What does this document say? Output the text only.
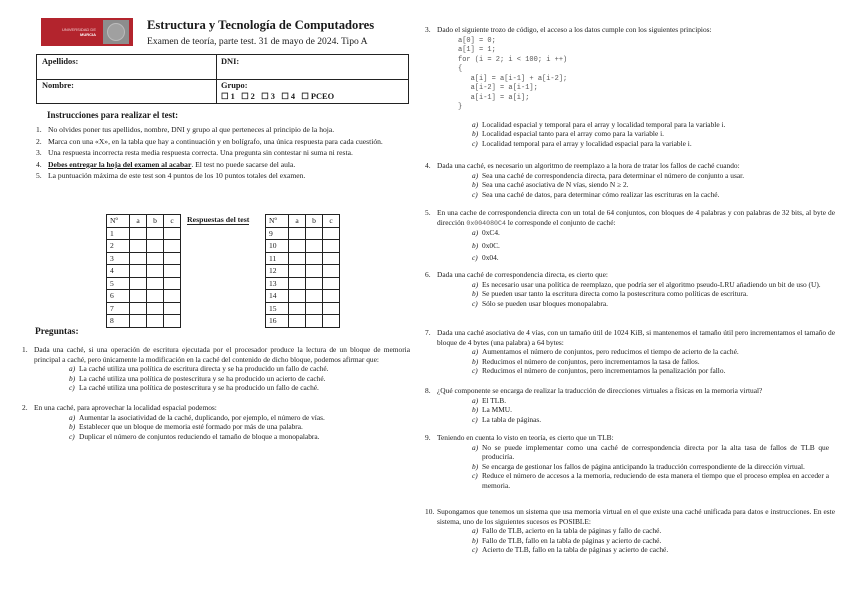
UNIVERSIDAD DE
MURCIA
Estructura y Tecnología de Computadores
Examen de teoría, parte test. 31 de mayo de 2024. Tipo A
Apellidos:	DNI:
Nombre:	Grupo:
☐ 1   ☐ 2   ☐ 3   ☐ 4   ☐ PCEO
Instrucciones para realizar el test:
1. No olvides poner tus apellidos, nombre, DNI y grupo al que perteneces al principio de la hoja.
2. Marca con una «X», en la tabla que hay a continuación y en bolígrafo, una única respuesta para cada cuestión.
3. Una respuesta incorrecta resta media respuesta correcta. Una pregunta sin contestar ni suma ni resta.
4. Debes entregar la hoja del examen al acabar. El test no puede sacarse del aula.
5. La puntuación máxima de este test son 4 puntos de los 10 puntos totales del examen.
Nº	a	b	c
1			
2			
3			
4			
5			
6			
7			
8			
Respuestas del test	Nº	a	b	c
9			
10			
11			
12			
13			
14			
15			
16			
Preguntas:
1. Dada una caché, si una operación de escritura ejecutada por el procesador produce la lectura de un bloque de memoria principal a caché, pero únicamente la modificación en la caché del contenido de dicho bloque, podemos afirmar que:
a) La caché utiliza una política de escritura directa y se ha producido un fallo de caché.
b) La caché utiliza una política de postescritura y se ha producido un acierto de caché.
c) La caché utiliza una política de postescritura y se ha producido un fallo de caché.
2. En una caché, para aprovechar la localidad espacial podemos:
a) Aumentar la asociatividad de la caché, duplicando, por ejemplo, el número de vías.
b) Establecer que un bloque de memoria esté formado por más de una palabra.
c) Duplicar el número de conjuntos reduciendo el tamaño de bloque a monopalabra.
3. Dado el siguiente trozo de código, el acceso a los datos cumple con los siguientes principios:
a[0] = 0;
a[1] = 1;
for (i = 2; i < 100; i ++)
{
a[i] = a[i-1] + a[i-2];
a[i-2] = a[i-1];
a[i-1] = a[i];
}
a) Localidad espacial y temporal para el array y localidad temporal para la variable i.
b) Localidad espacial tanto para el array como para la variable i.
c) Localidad temporal para el array y localidad espacial para la variable i.
4. Dada una caché, es necesario un algoritmo de reemplazo a la hora de tratar los fallos de caché cuando:
a) Sea una caché de correspondencia directa, para determinar el número de conjunto a usar.
b) Sea una caché asociativa de N vías, siendo N ≥ 2.
c) Sea una caché de datos, para determinar cómo realizar las escrituras en la caché.
5. En una cache de correspondencia directa con un total de 64 conjuntos, con bloques de 4 palabras y con palabras de 32 bits, al byte de dirección 0x004080C4 le corresponde el conjunto de caché:
a) 0xC4.
b) 0x0C.
c) 0x04.
6. Dada una caché de correspondencia directa, es cierto que:
a) Es necesario usar una política de reemplazo, que podría ser el algoritmo pseudo-LRU añadiendo un bit de uso (U).
b) Se pueden usar tanto la escritura directa como la postescritura como políticas de escritura.
c) Sólo se pueden usar bloques monopalabra.
7. Dada una caché asociativa de 4 vías, con un tamaño útil de 1024 KiB, si mantenemos el tamaño útil pero incrementamos el tamaño de bloque de 4 bytes (una palabra) a 64 bytes:
a) Aumentamos el número de conjuntos, pero reducimos el tiempo de acierto de la caché.
b) Reducimos el número de conjuntos, pero incrementamos la tasa de fallos.
c) Reducimos el número de conjuntos, pero incrementamos la penalización por fallo.
8. ¿Qué componente se encarga de realizar la traducción de direcciones virtuales a físicas en la memoria virtual?
a) El TLB.
b) La MMU.
c) La tabla de páginas.
9. Teniendo en cuenta lo visto en teoría, es cierto que un TLB:
a) No se puede implementar como una caché de correspondencia directa por la alta tasa de fallos de TLB que produciría.
b) Se encarga de gestionar los fallos de página anticipando la traducción correspondiente de la dirección virtual.
c) Reduce el número de accesos a la memoria, reduciendo de esta manera el tiempo que el proceso emplea en acceder a memoria.
10. Supongamos que tenemos un sistema que usa memoria virtual en el que existe una caché unificada para datos e instrucciones. En este sistema, uno de los siguientes sucesos es POSIBLE:
a) Fallo de TLB, acierto en la tabla de páginas y fallo de caché.
b) Fallo de TLB, fallo en la tabla de páginas y acierto de caché.
c) Acierto de TLB, fallo en la tabla de páginas y acierto de caché.
